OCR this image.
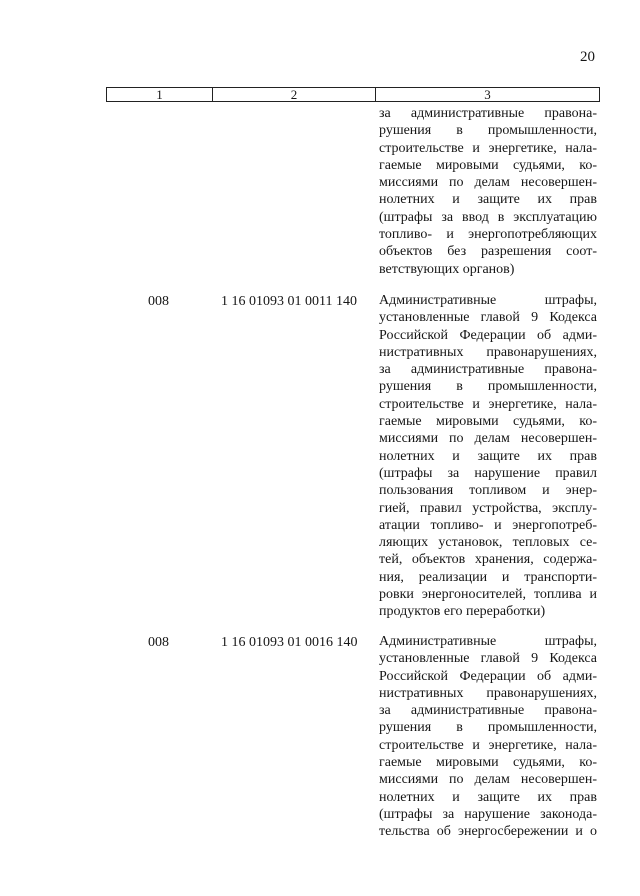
20
1	2	3
за административные правона-
рушения в промышленности,
строительстве и энергетике, нала-
гаемые мировыми судьями, ко-
миссиями по делам несовершен-
нолетних и защите их прав
(штрафы за ввод в эксплуатацию
топливо- и энергопотребляющих
объектов без разрешения соот-
ветствующих органов)
008	1 16 01093 01 0011 140 Административные штрафы,
установленные главой 9 Кодекса
Российской Федерации об адми-
нистративных правонарушениях,
за административные правона-
рушения в промышленности,
строительстве и энергетике, нала-
гаемые мировыми судьями, ко-
миссиями по делам несовершен-
нолетних и защите их прав
(штрафы за нарушение правил
пользования топливом и энер-
гией, правил устройства, эксплу-
атации топливо- и энергопотреб-
ляющих установок, тепловых се-
тей, объектов хранения, содержа-
ния, реализации и транспорти-
ровки энергоносителей, топлива и
продуктов его переработки)
008	1 16 01093 01 0016 140 Административные штрафы,
установленные главой 9 Кодекса
Российской Федерации об адми-
нистративных правонарушениях,
за административные правона-
рушения в промышленности,
строительстве и энергетике, нала-
гаемые мировыми судьями, ко-
миссиями по делам несовершен-
нолетних и защите их прав
(штрафы за нарушение законода-
тельства об энергосбережении и о
